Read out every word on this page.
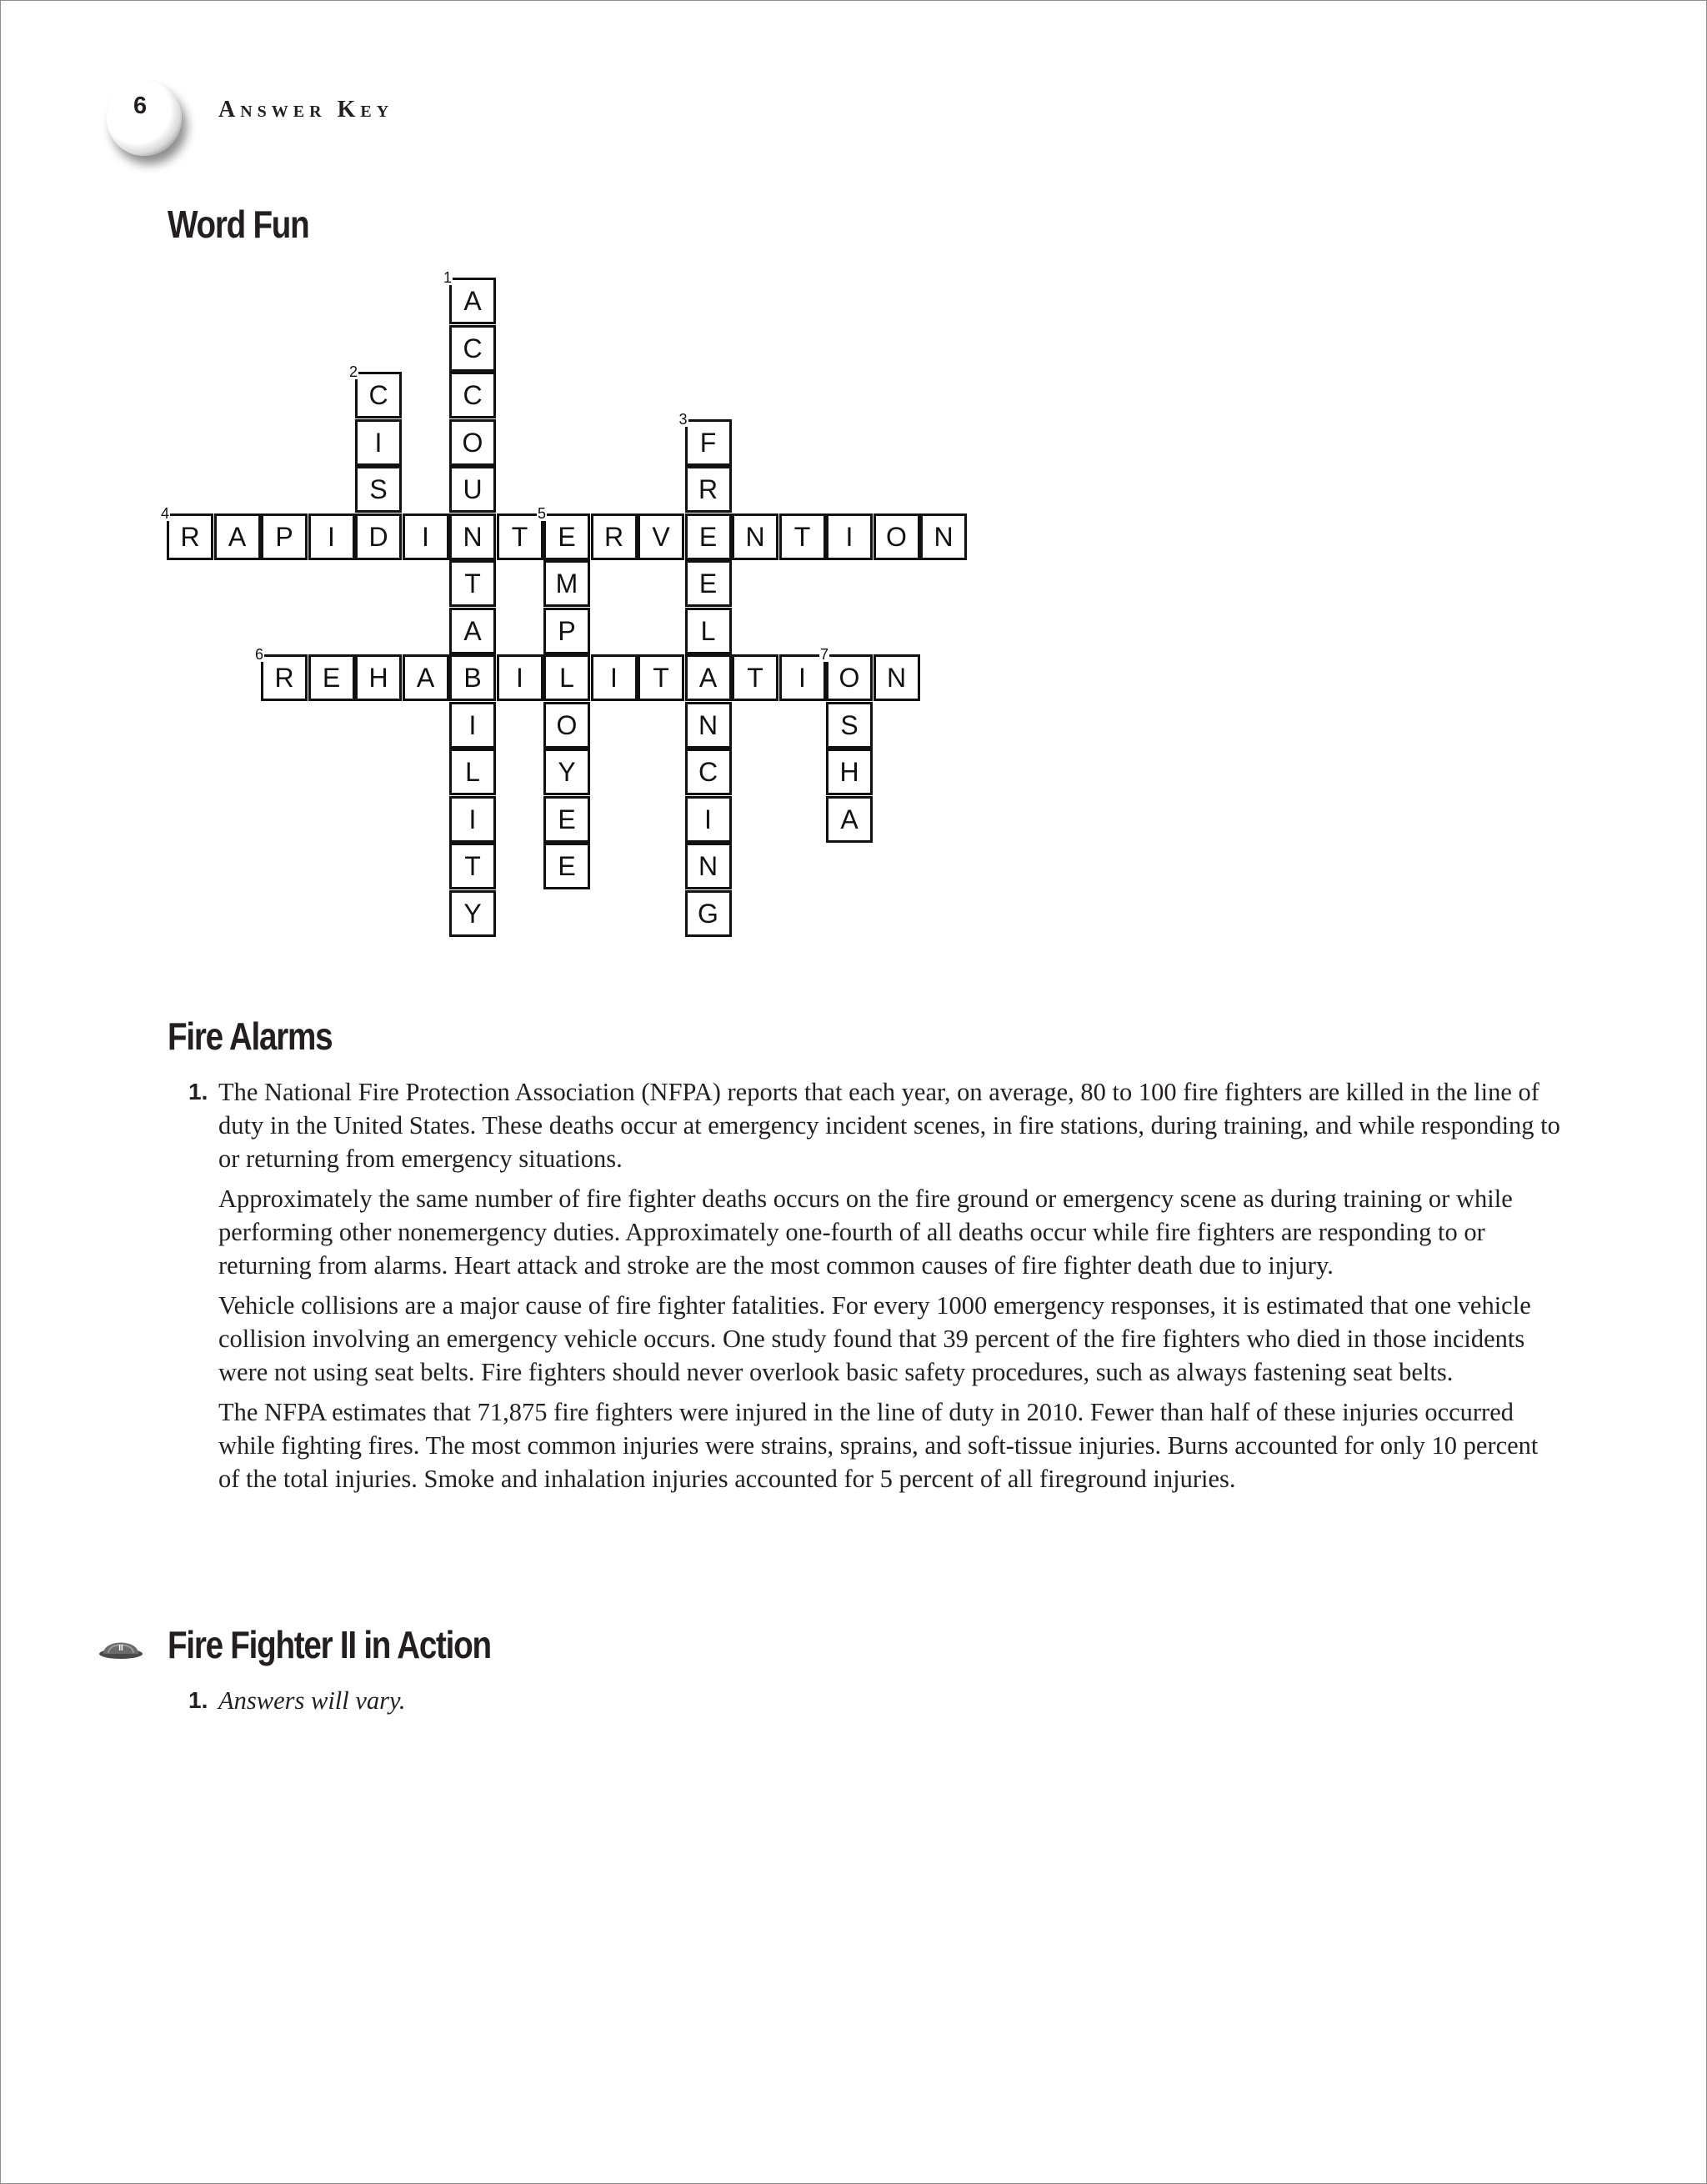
6	Answer Key
Word Fun
A
1
C
C
O
U
N
T
A
B
I
L
I
T
Y
C
2
I
S
F
3
R
E
E
L
A
N
C
I
N
G
R
4
A	P	I	D	I	T	E
5
R	V	N	T	I	O	N
M
P
L
O
Y
E
E
R
6
E	H	A	I	I	T	T	I	O
7
N
S
H
A
Fire Alarms
1. The National Fire Protection Association (NFPA) reports that each year, on average, 80 to 100 fire fighters are killed in the line of duty in the United States. These deaths occur at emergency incident scenes, in fire stations, during training, and while responding to or returning from emergency situations.

Approximately the same number of fire fighter deaths occurs on the fire ground or emergency scene as during training or while performing other nonemergency duties. Approximately one-fourth of all deaths occur while fire fighters are responding to or returning from alarms. Heart attack and stroke are the most common causes of fire fighter death due to injury.

Vehicle collisions are a major cause of fire fighter fatalities. For every 1000 emergency responses, it is estimated that one vehicle collision involving an emergency vehicle occurs. One study found that 39 percent of the fire fighters who died in those incidents were not using seat belts. Fire fighters should never overlook basic safety procedures, such as always fastening seat belts.

The NFPA estimates that 71,875 fire fighters were injured in the line of duty in 2010. Fewer than half of these injuries occurred while fighting fires. The most common injuries were strains, sprains, and soft-tissue injuries. Burns accounted for only 10 percent of the total injuries. Smoke and inhalation injuries accounted for 5 percent of all fireground injuries.

II Fire Fighter II in Action
1. Answers will vary.
